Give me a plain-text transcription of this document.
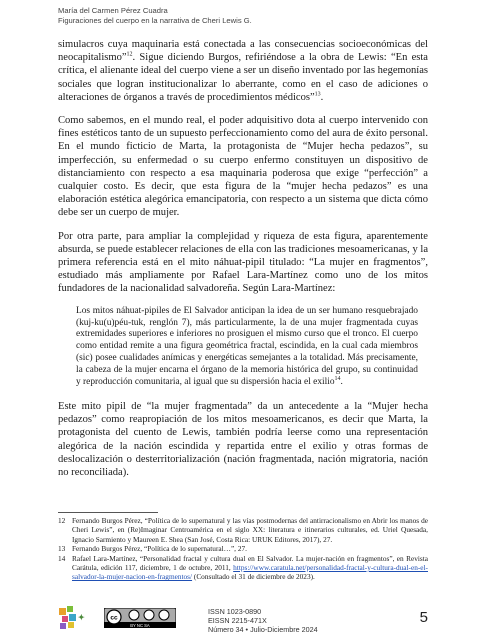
María del Carmen Pérez Cuadra
Figuraciones del cuerpo en la narrativa de Cheri Lewis G.

simulacros cuya maquinaria está conectada a las consecuencias socioeconómicas del neocapitalismo”$^{12}$. Sigue diciendo Burgos, refiriéndose a la obra de Lewis: “En esta crítica, el alienante ideal del cuerpo viene a ser un diseño inventado por las hegemonías sociales que logran institucionalizar lo aberrante, como en el caso de adiciones o alteraciones de órganos a través de procedimientos médicos”$^{13}$.

Como sabemos, en el mundo real, el poder adquisitivo dota al cuerpo intervenido con fines estéticos tanto de un supuesto perfeccionamiento como del aura de éxito personal. En el mundo ficticio de Marta, la protagonista de “Mujer hecha pedazos”, su imperfección, su enfermedad o su cuerpo enfermo constituyen un dispositivo de distanciamiento con respecto a esa maquinaria poderosa que exige “perfección” a cualquier costo. Es decir, que esta figura de la “mujer hecha pedazos” es una elaboración estética alegórica emancipatoria, con respecto a un sistema que dicta cómo debe ser un cuerpo de mujer.

Por otra parte, para ampliar la complejidad y riqueza de esta figura, aparentemente absurda, se puede establecer relaciones de ella con las tradiciones mesoamericanas, y la primera referencia está en el mito náhuat-pipil titulado: “La mujer en fragmentos”, estudiado más ampliamente por Rafael Lara-Martínez como uno de los mitos fundadores de la nacionalidad salvadoreña. Según Lara-Martínez:

Los mitos náhuat-pipiles de El Salvador anticipan la idea de un ser humano resquebrajado (kuj-ku(u)péu-tuk, renglón 7), más particularmente, la de una mujer fragmentada cuyas extremidades superiores e inferiores no prosiguen el mismo curso que el tronco. El cuerpo como entidad remite a una figura geométrica fractal, escindida, en la cual cada miembros (sic) posee cualidades anímicas y energéticas semejantes a la totalidad. Más precisamente, la cabeza de la mujer encarna el órgano de la memoria histórica del grupo, su continuidad y reproducción comunitaria, al igual que su dispersión hacia el exilio$^{14}$.

Este mito pipil de “la mujer fragmentada” da un antecedente a la “Mujer hecha pedazos” como reapropiación de los mitos mesoamericanos, es decir que Marta, la protagonista del cuento de Lewis, también podría leerse como una representación alegórica de la nación escindida y repartida entre el exilio y otras formas de deslocalización o desterritorialización (nación fragmentada, nación migratoria, nación no reconciliada).

12 Fernando Burgos Pérez, “Política de lo supernatural y las vías postmodernas del antirracionalismo en Abrir los manos de Cheri Lewis”, en (Re)Imaginar Centroamérica en el siglo XX: literatura e itinerarios culturales, ed. Uriel Quesada, Ignacio Sarmiento y Maureen E. Shea (San José, Costa Rica: URUK Editores, 2017), 27.
13 Fernando Burgos Pérez, “Política de lo supernatural…”, 27.
14 Rafael Lara-Martínez, “Personalidad fractal y cultura dual en El Salvador. La mujer-nación en fragmentos”, en Revista Carátula, edición 117, diciembre, 1 de octubre, 2011, https://www.caratula.net/personalidad-fractal-y-cultura-dual-en-el-salvador-la-mujer-nacion-en-fragmentos/ (Consultado el 31 de diciembre de 2023).
✦	cc
BY NC SA
ISSN 1023-0890
EISSN 2215-471X
Número 34 • Julio-Diciembre 2024
5
